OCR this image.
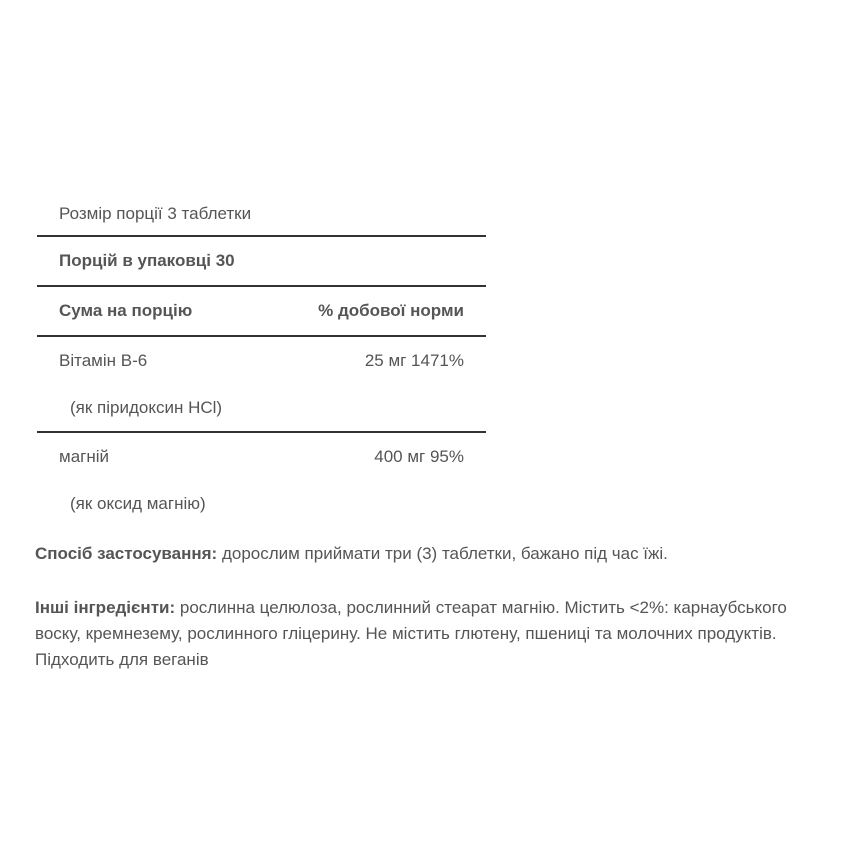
Розмір порції 3 таблетки
Порцій в упаковці 30
Сума на порцію	% добової норми
Вітамін B-6	25 мг 1471%
(як піридоксин HCl)
магній	400 мг 95%
(як оксид магнію)
Спосіб застосування: дорослим приймати три (3) таблетки, бажано під час їжі.
Інші інгредієнти: рослинна целюлоза, рослинний стеарат магнію. Містить <2%: карнаубського воску, кремнезему, рослинного гліцерину. Не містить глютену, пшениці та молочних продуктів. Підходить для веганів
